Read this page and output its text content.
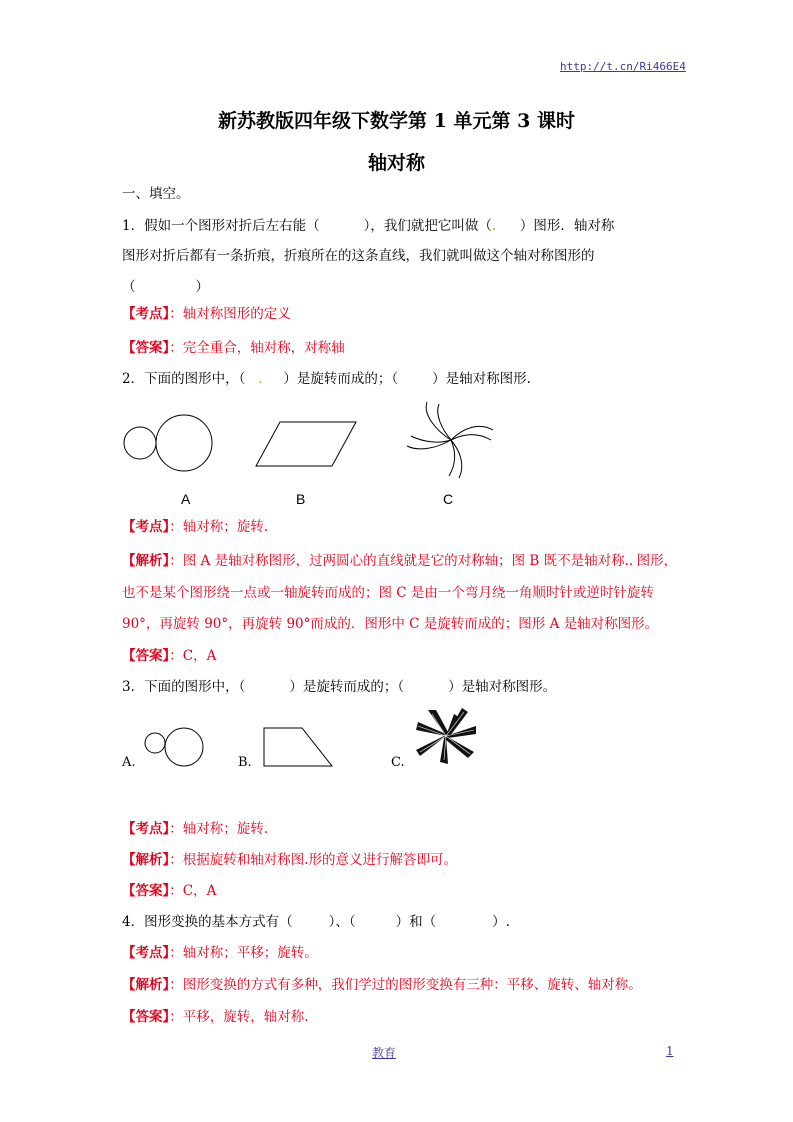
http://t.cn/Ri466E4
新苏教版四年级下数学第 1 单元第 3 课时
轴对称
一、填空。
1．假如一个图形对折后左右能（	），我们就把它叫做（. ）图形．轴对称
图形对折后都有一条折痕，折痕所在的这条直线，我们就叫做这个轴对称图形的
（	）
【考点】：轴对称图形的定义
【答案】：完全重合，轴对称，对称轴
2．下面的图形中，（   . ）是旋转而成的；（	）是轴对称图形.
A	B	C
【考点】：轴对称；旋转.
【解析】：图 A 是轴对称图形，过两圆心的直线就是它的对称轴；图 B 既不是轴对称.. 图形，
也不是某个图形绕一点或一轴旋转而成的；图 C 是由一个弯月绕一角顺时针或逆时针旋转
90°，再旋转 90°，再旋转 90°而成的．图形中 C 是旋转而成的；图形 A 是轴对称图形。
【答案】：C，A
3．下面的图形中，（	）是旋转而成的；（	）是轴对称图形。
A.	B.	C.
【考点】：轴对称；旋转.
【解析】：根据旋转和轴对称图.形的意义进行解答即可。
【答案】：C，A
4．图形变换的基本方式有（	）、（	）和（	）.
【考点】：轴对称；平移；旋转。
【解析】：图形变换的方式有多种，我们学过的图形变换有三种：平移、旋转、轴对称。
【答案】：平移，旋转，轴对称.
教育	1
